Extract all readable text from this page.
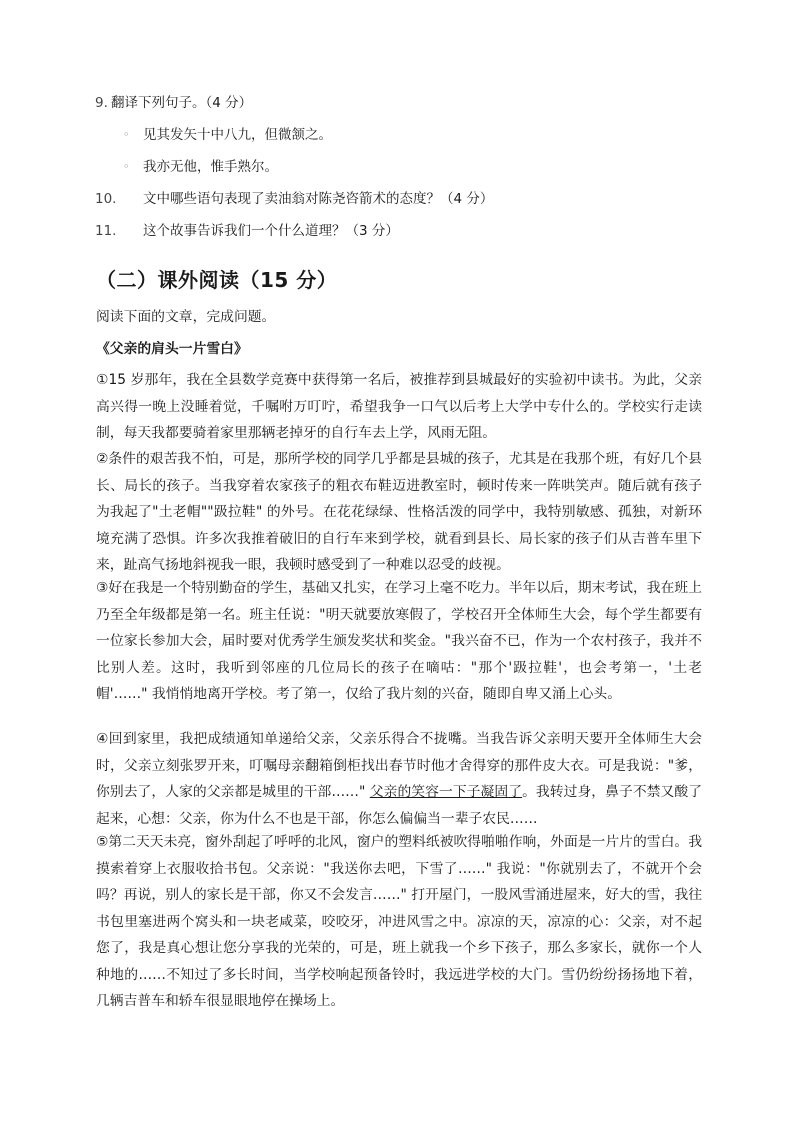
9. 翻译下列句子。（4 分）
◦	见其发矢十中八九，但微颔之。
◦	我亦无他，惟手熟尔。
10.	文中哪些语句表现了卖油翁对陈尧咨箭术的态度？（4 分）
11.	这个故事告诉我们一个什么道理？（3 分）
（二）课外阅读（15 分）
阅读下面的文章，完成问题。
《父亲的肩头一片雪白》
①15 岁那年，我在全县数学竞赛中获得第一名后，被推荐到县城最好的实验初中读书。为此，父亲高兴得一晚上没睡着觉，千嘱咐万叮咛，希望我争一口气以后考上大学中专什么的。学校实行走读制，每天我都要骑着家里那辆老掉牙的自行车去上学，风雨无阻。
②条件的艰苦我不怕，可是，那所学校的同学几乎都是县城的孩子，尤其是在我那个班，有好几个县长、局长的孩子。当我穿着农家孩子的粗衣布鞋迈进教室时，顿时传来一阵哄笑声。随后就有孩子为我起了"土老帽""趿拉鞋" 的外号。在花花绿绿、性格活泼的同学中，我特别敏感、孤独，对新环境充满了恐惧。许多次我推着破旧的自行车来到学校，就看到县长、局长家的孩子们从吉普车里下来，趾高气扬地斜视我一眼，我顿时感受到了一种难以忍受的歧视。
③好在我是一个特别勤奋的学生，基础又扎实，在学习上毫不吃力。半年以后，期末考试，我在班上乃至全年级都是第一名。班主任说："明天就要放寒假了，学校召开全体师生大会，每个学生都要有一位家长参加大会，届时要对优秀学生颁发奖状和奖金。"我兴奋不已，作为一个农村孩子，我并不比别人差。这时，我听到邻座的几位局长的孩子在嘀咕："那个'趿拉鞋'，也会考第一，'土老帽'……" 我悄悄地离开学校。考了第一，仅给了我片刻的兴奋，随即自卑又涌上心头。
④回到家里，我把成绩通知单递给父亲，父亲乐得合不拢嘴。当我告诉父亲明天要开全体师生大会时，父亲立刻张罗开来，叮嘱母亲翻箱倒柜找出春节时他才舍得穿的那件皮大衣。可是我说："爹，你别去了，人家的父亲都是城里的干部……" 父亲的笑容一下子凝固了。我转过身，鼻子不禁又酸了起来，心想：父亲，你为什么不也是干部，你怎么偏偏当一辈子农民……
⑤第二天天未亮，窗外刮起了呼呼的北风，窗户的塑料纸被吹得啪啪作响，外面是一片片的雪白。我摸索着穿上衣服收拾书包。父亲说："我送你去吧，下雪了……" 我说："你就别去了，不就开个会吗？再说，别人的家长是干部，你又不会发言……" 打开屋门，一股风雪涌进屋来，好大的雪，我往书包里塞进两个窝头和一块老咸菜，咬咬牙，冲进风雪之中。凉凉的天，凉凉的心：父亲，对不起您了，我是真心想让您分享我的光荣的，可是，班上就我一个乡下孩子，那么多家长，就你一个人种地的……不知过了多长时间，当学校响起预备铃时，我远进学校的大门。雪仍纷纷扬扬地下着，几辆吉普车和轿车很显眼地停在操场上。
